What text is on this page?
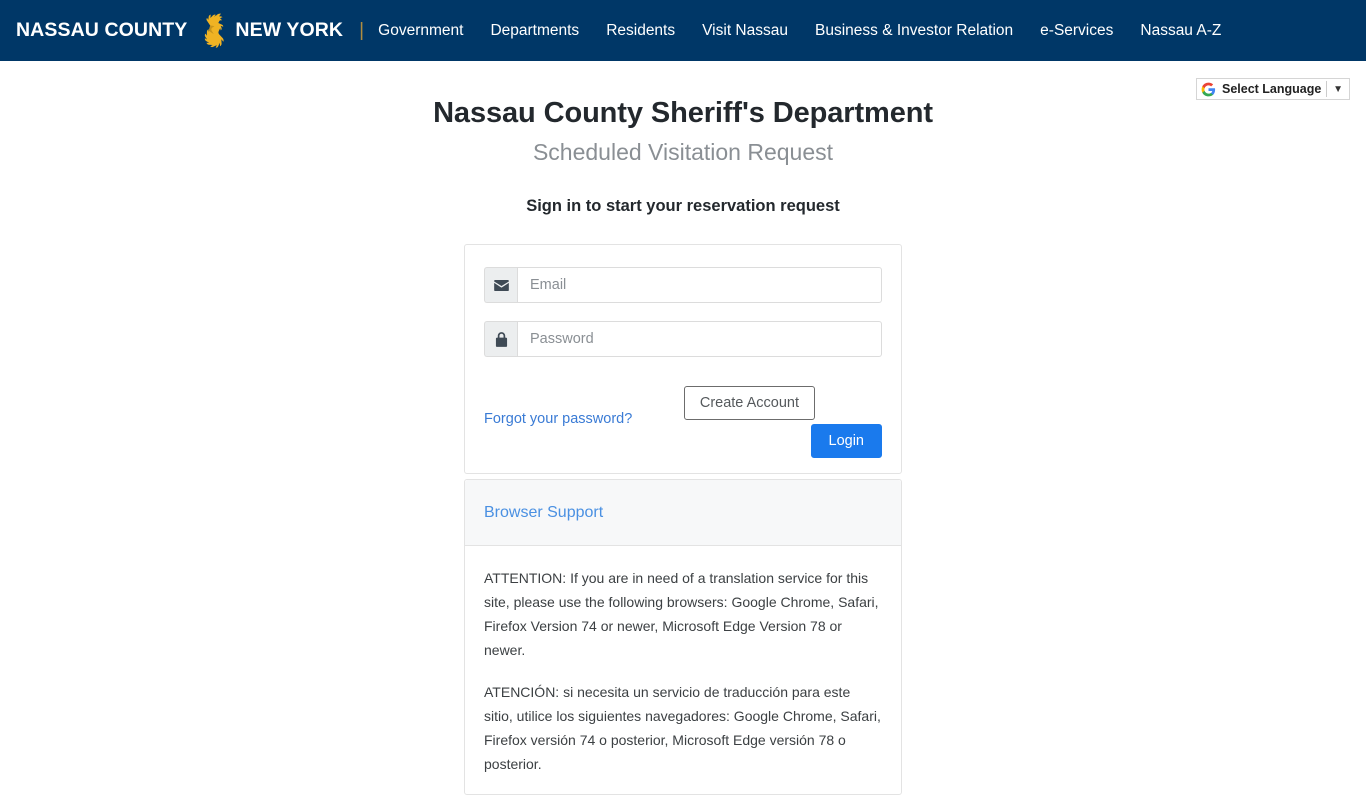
NASSAU COUNTY NEW YORK | Government Departments Residents Visit Nassau Business & Investor Relation e-Services Nassau A-Z
Select Language	▼
Nassau County Sheriff's Department
Scheduled Visitation Request

Sign in to start your reservation request

Email
Forgot your password?
Create Account
Login
Browser Support

ATTENTION: If you are in need of a translation service for this site, please use the following browsers: Google Chrome, Safari, Firefox Version 74 or newer, Microsoft Edge Version 78 or newer.

ATENCIÓN: si necesita un servicio de traducción para este sitio, utilice los siguientes navegadores: Google Chrome, Safari, Firefox versión 74 o posterior, Microsoft Edge versión 78 o posterior.
